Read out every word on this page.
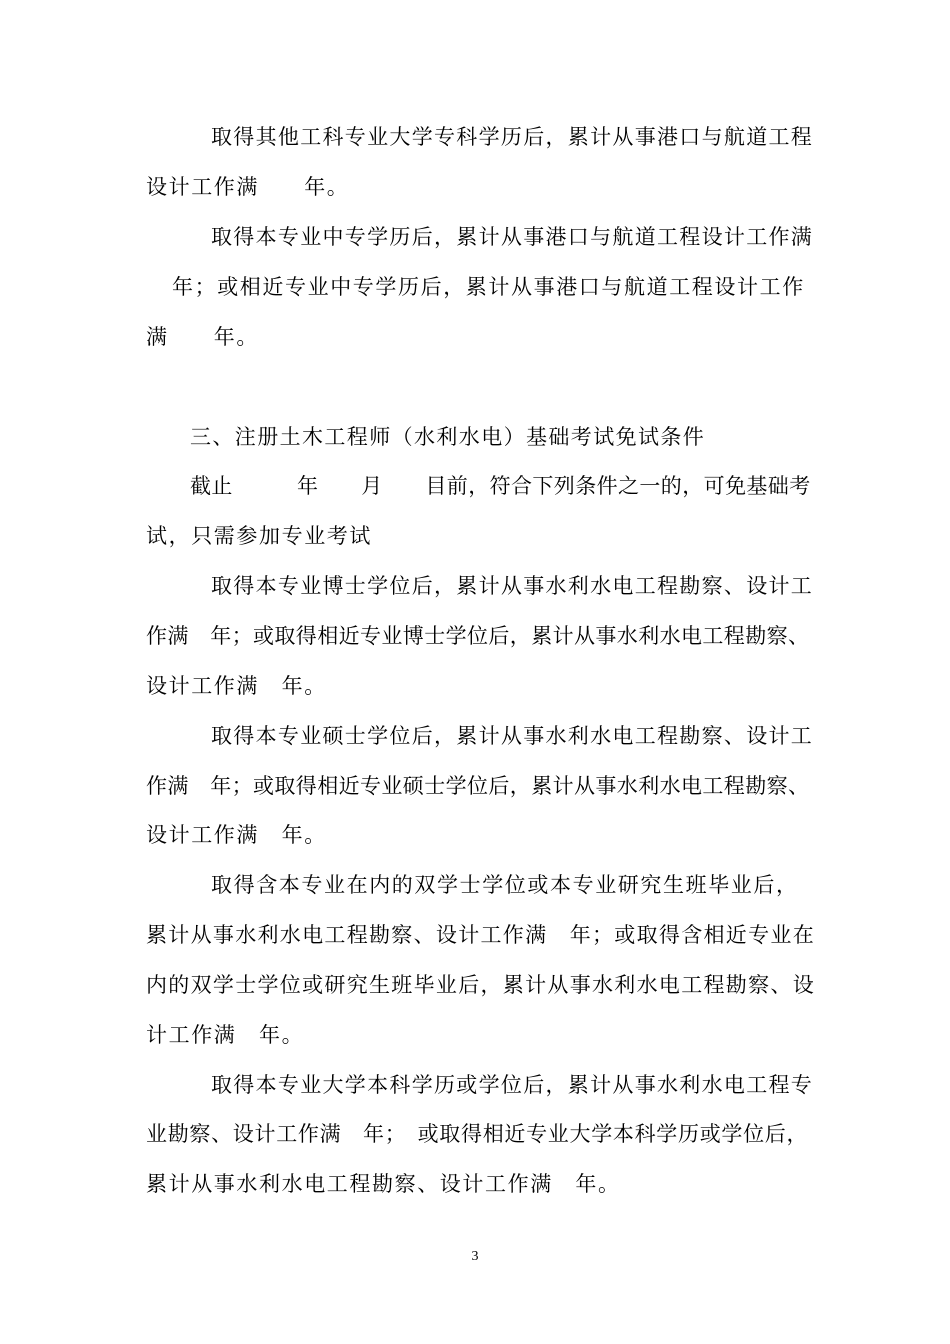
取得其他工科专业大学专科学历后，累计从事港口与航道工程
设计工作满　　年。
取得本专业中专学历后，累计从事港口与航道工程设计工作满
年；或相近专业中专学历后，累计从事港口与航道工程设计工作
满　　年。
三、注册土木工程师（水利水电）基础考试免试条件
截止　　　年　　月　　目前，符合下列条件之一的，可免基础考
试，只需参加专业考试
取得本专业博士学位后，累计从事水利水电工程勘察、设计工
作满　年；或取得相近专业博士学位后，累计从事水利水电工程勘察、
设计工作满　年。
取得本专业硕士学位后，累计从事水利水电工程勘察、设计工
作满　年；或取得相近专业硕士学位后，累计从事水利水电工程勘察、
设计工作满　年。
取得含本专业在内的双学士学位或本专业研究生班毕业后，
累计从事水利水电工程勘察、设计工作满　年；或取得含相近专业在
内的双学士学位或研究生班毕业后，累计从事水利水电工程勘察、设
计工作满　年。
取得本专业大学本科学历或学位后，累计从事水利水电工程专
业勘察、设计工作满　年；　或取得相近专业大学本科学历或学位后，
累计从事水利水电工程勘察、设计工作满　年。
3
